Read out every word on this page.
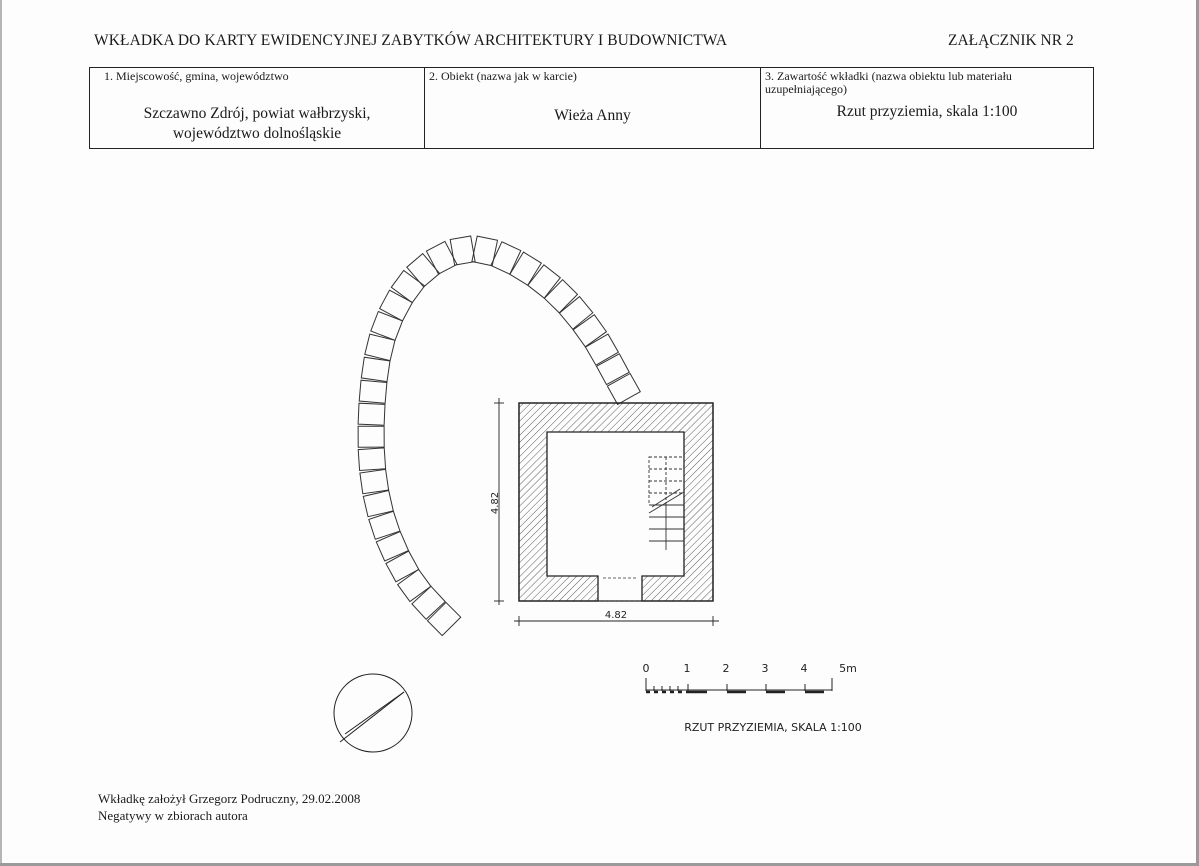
WKŁADKA DO KARTY EWIDENCYJNEJ ZABYTKÓW ARCHITEKTURY I BUDOWNICTWA	ZAŁĄCZNIK NR 2
1. Miejscowość, gmina, województwo
Szczawno Zdrój, powiat wałbrzyski,
województwo dolnośląskie

2. Obiekt (nazwa jak w karcie)
Wieża Anny

3. Zawartość wkładki (nazwa obiektu lub materiału
uzupełniającego)
Rzut przyziemia, skala 1:100
4.82
4.82
0	1	2	3	4	5m
RZUT PRZYZIEMIA, SKALA 1:100
Wkładkę założył Grzegorz Podruczny, 29.02.2008
Negatywy w zbiorach autora
